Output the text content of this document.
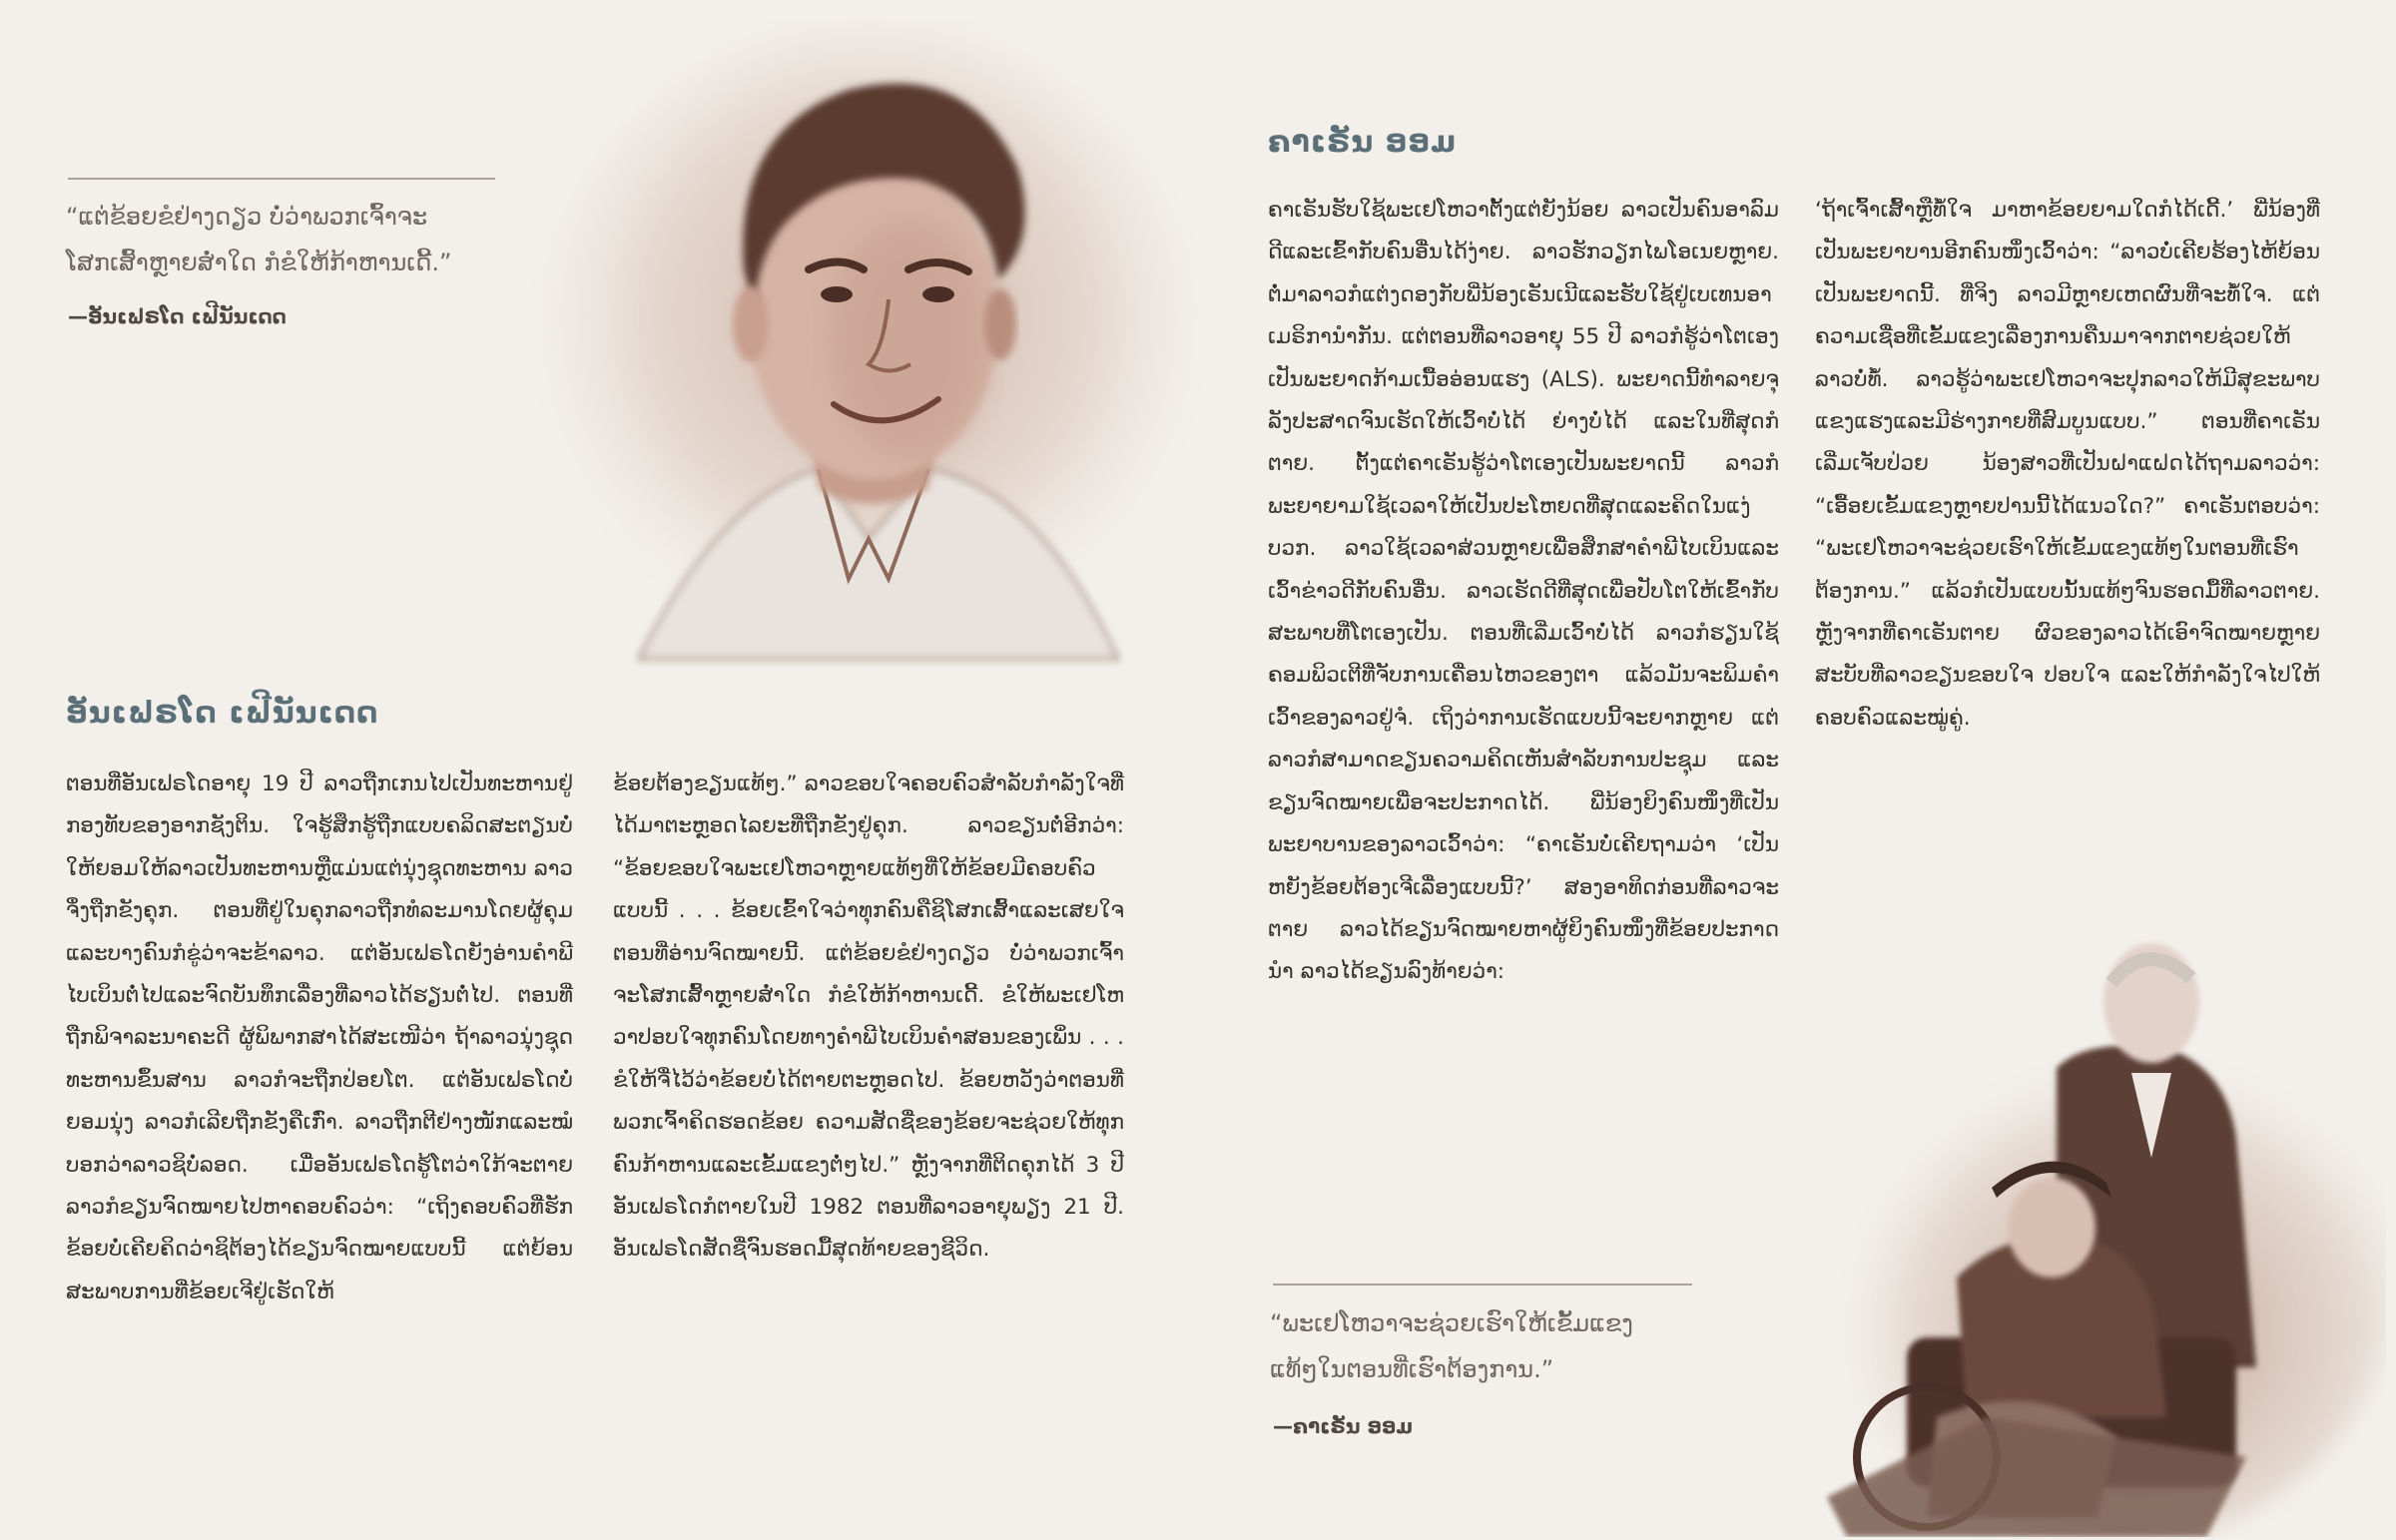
“ແຕ່ຂ້ອຍຂໍຢ່າງດຽວ ບໍ່ວ່າພວກເຈົ້າຈະ
ໂສກເສົ້າຫຼາຍສໍ່າໃດ ກໍຂໍໃຫ້ກ້າຫານເດີ້.”

—ອັນເຟຣໂດ ເຟີນັນເດດ

ອັນເຟຣໂດ ເຟີນັນເດດ

ຕອນທີ່ອັນເຟຣໂດອາຍຸ 19 ປີ ລາວຖືກເກນໄປເປັນທະຫານຢູ່ກອງທັບຂອງອາກຊັງຕິນ. ໃຈຮູ້ສຶກຮູ້ຖືກແບບຄລິດສະຕຽນບໍ່ໃຫ້ຍອມໃຫ້ລາວເປັນທະຫານຫຼືແມ່ນແຕ່ນຸ່ງຊຸດທະຫານ ລາວຈຶ່ງຖືກຂັງຄຸກ. ຕອນທີ່ຢູ່ໃນຄຸກລາວຖືກທໍລະມານໂດຍຜູ້ຄຸມ ແລະບາງຄົນກໍຂູ່ວ່າຈະຂ້າລາວ. ແຕ່ອັນເຟຣໂດຍັງອ່ານຄໍາພີໄບເບິນຕໍ່ໄປແລະຈົດບັນທຶກເລື່ອງທີ່ລາວໄດ້ຮຽນຕໍ່ໄປ. ຕອນທີ່ຖືກພິຈາລະນາຄະດີ ຜູ້ພິພາກສາໄດ້ສະເໜີວ່າ ຖ້າລາວນຸ່ງຊຸດທະຫານຂຶ້ນສານ ລາວກໍຈະຖືກປ່ອຍໂຕ. ແຕ່ອັນເຟຣໂດບໍ່ຍອມນຸ່ງ ລາວກໍເລີຍຖືກຂັງຄືເກົ່າ. ລາວຖືກຕີຢ່າງໜັກແລະໝໍບອກວ່າລາວຊິບໍ່ລອດ. ເມື່ອອັນເຟຣໂດຮູ້ໂຕວ່າໃກ້ຈະຕາຍ ລາວກໍຂຽນຈົດໝາຍໄປຫາຄອບຄົວວ່າ: “ເຖິງຄອບຄົວທີ່ຮັກ ຂ້ອຍບໍ່ເຄີຍຄິດວ່າຊິຕ້ອງໄດ້ຂຽນຈົດໝາຍແບບນີ້ ແຕ່ຍ້ອນສະພາບການທີ່ຂ້ອຍເຈີຢູ່ເຮັດໃຫ້

ຂ້ອຍຕ້ອງຂຽນແທ້ໆ.” ລາວຂອບໃຈຄອບຄົວສໍາລັບກໍາລັງໃຈທີ່ໄດ້ມາຕະຫຼອດໄລຍະທີ່ຖືກຂັງຢູ່ຄຸກ. ລາວຂຽນຕໍ່ອີກວ່າ: “ຂ້ອຍຂອບໃຈພະເຢໂຫວາຫຼາຍແທ້ໆທີ່ໃຫ້ຂ້ອຍມີຄອບຄົວແບບນີ້ . . . ຂ້ອຍເຂົ້າໃຈວ່າທຸກຄົນຄືຊິໂສກເສົ້າແລະເສຍໃຈຕອນທີ່ອ່ານຈົດໝາຍນີ້. ແຕ່ຂ້ອຍຂໍຢ່າງດຽວ ບໍ່ວ່າພວກເຈົ້າຈະໂສກເສົ້າຫຼາຍສໍ່າໃດ ກໍຂໍໃຫ້ກ້າຫານເດີ້. ຂໍໃຫ້ພະເຢໂຫວາປອບໃຈທຸກຄົນໂດຍທາງຄໍາພີໄບເບິນຄໍາສອນຂອງເພິ່ນ . . . ຂໍໃຫ້ຈື່ໄວ້ວ່າຂ້ອຍບໍ່ໄດ້ຕາຍຕະຫຼອດໄປ. ຂ້ອຍຫວັງວ່າຕອນທີ່ພວກເຈົ້າຄິດຮອດຂ້ອຍ ຄວາມສັດຊື່ຂອງຂ້ອຍຈະຊ່ວຍໃຫ້ທຸກຄົນກ້າຫານແລະເຂັ້ມແຂງຕໍ່ໆໄປ.” ຫຼັງຈາກທີ່ຕິດຄຸກໄດ້ 3 ປີ ອັນເຟຣໂດກໍຕາຍໃນປີ 1982 ຕອນທີ່ລາວອາຍຸພຽງ 21 ປີ. ອັນເຟຣໂດສັດຊື່ຈົນຮອດມື້ສຸດທ້າຍຂອງຊີວິດ.

ຄາເຣັນ ອອມ

ຄາເຣັນຮັບໃຊ້ພະເຢໂຫວາຕັ້ງແຕ່ຍັງນ້ອຍ ລາວເປັນຄົນອາລົມດີແລະເຂົ້າກັບຄົນອື່ນໄດ້ງ່າຍ. ລາວຮັກວຽກໄພໂອເນຍຫຼາຍ. ຕໍ່ມາລາວກໍແຕ່ງດອງກັບພີ່ນ້ອງເຣັນເນີແລະຮັບໃຊ້ຢູ່ເບເທນອາເມຣິການໍາກັນ. ແຕ່ຕອນທີ່ລາວອາຍຸ 55 ປີ ລາວກໍຮູ້ວ່າໂຕເອງເປັນພະຍາດກ້າມເນື້ອອ່ອນແຮງ (ALS). ພະຍາດນີ້ທໍາລາຍຈຸລັງປະສາດຈົນເຮັດໃຫ້ເວົ້າບໍ່ໄດ້ ຍ່າງບໍ່ໄດ້ ແລະໃນທີ່ສຸດກໍຕາຍ. ຕັ້ງແຕ່ຄາເຣັນຮູ້ວ່າໂຕເອງເປັນພະຍາດນີ້ ລາວກໍພະຍາຍາມໃຊ້ເວລາໃຫ້ເປັນປະໂຫຍດທີ່ສຸດແລະຄິດໃນແງ່ບວກ. ລາວໃຊ້ເວລາສ່ວນຫຼາຍເພື່ອສຶກສາຄໍາພີໄບເບິນແລະເວົ້າຂ່າວດີກັບຄົນອື່ນ. ລາວເຮັດດີທີ່ສຸດເພື່ອປັບໂຕໃຫ້ເຂົ້າກັບສະພາບທີ່ໂຕເອງເປັນ. ຕອນທີ່ເລີ່ມເວົ້າບໍ່ໄດ້ ລາວກໍຮຽນໃຊ້ຄອມພິວເຕີທີ່ຈັບການເຄື່ອນໄຫວຂອງຕາ ແລ້ວມັນຈະພິມຄໍາເວົ້າຂອງລາວຢູ່ຈໍ. ເຖິງວ່າການເຮັດແບບນີ້ຈະຍາກຫຼາຍ ແຕ່ລາວກໍສາມາດຂຽນຄວາມຄິດເຫັນສໍາລັບການປະຊຸມ ແລະຂຽນຈົດໝາຍເພື່ອຈະປະກາດໄດ້. ພີ່ນ້ອງຍິງຄົນໜຶ່ງທີ່ເປັນພະຍາບານຂອງລາວເວົ້າວ່າ: “ຄາເຣັນບໍ່ເຄີຍຖາມວ່າ ‘ເປັນຫຍັງຂ້ອຍຕ້ອງເຈີເລື່ອງແບບນີ້?’ ສອງອາທິດກ່ອນທີ່ລາວຈະຕາຍ ລາວໄດ້ຂຽນຈົດໝາຍຫາຜູ້ຍິງຄົນໜຶ່ງທີ່ຂ້ອຍປະກາດນໍາ ລາວໄດ້ຂຽນລົງທ້າຍວ່າ:

‘ຖ້າເຈົ້າເສົ້າຫຼືທໍ້ໃຈ ມາຫາຂ້ອຍຍາມໃດກໍໄດ້ເດີ້.’ ພີ່ນ້ອງທີ່ເປັນພະຍາບານອີກຄົນໜຶ່ງເວົ້າວ່າ: “ລາວບໍ່ເຄີຍຮ້ອງໄຫ້ຍ້ອນເປັນພະຍາດນີ້. ທີ່ຈິງ ລາວມີຫຼາຍເຫດຜົນທີ່ຈະທໍ້ໃຈ. ແຕ່ຄວາມເຊື່ອທີ່ເຂັ້ມແຂງເລື່ອງການຄືນມາຈາກຕາຍຊ່ວຍໃຫ້ລາວບໍ່ທໍ້. ລາວຮູ້ວ່າພະເຢໂຫວາຈະປຸກລາວໃຫ້ມີສຸຂະພາບແຂງແຮງແລະມີຮ່າງກາຍທີ່ສົມບູນແບບ.” ຕອນທີ່ຄາເຣັນເລີ່ມເຈັບປ່ວຍ ນ້ອງສາວທີ່ເປັນຝາແຝດໄດ້ຖາມລາວວ່າ: “ເອື້ອຍເຂັ້ມແຂງຫຼາຍປານນີ້ໄດ້ແນວໃດ?” ຄາເຣັນຕອບວ່າ: “ພະເຢໂຫວາຈະຊ່ວຍເຮົາໃຫ້ເຂັ້ມແຂງແທ້ໆໃນຕອນທີ່ເຮົາຕ້ອງການ.” ແລ້ວກໍເປັນແບບນັ້ນແທ້ໆຈົນຮອດມື້ທີ່ລາວຕາຍ. ຫຼັງຈາກທີ່ຄາເຣັນຕາຍ ຜົວຂອງລາວໄດ້ເອົາຈົດໝາຍຫຼາຍສະບັບທີ່ລາວຂຽນຂອບໃຈ ປອບໃຈ ແລະໃຫ້ກໍາລັງໃຈໄປໃຫ້ຄອບຄົວແລະໝູ່ຄູ່.

“ພະເຢໂຫວາຈະຊ່ວຍເຮົາໃຫ້ເຂັ້ມແຂງ
ແທ້ໆໃນຕອນທີ່ເຮົາຕ້ອງການ.”

—ຄາເຣັນ ອອມ
